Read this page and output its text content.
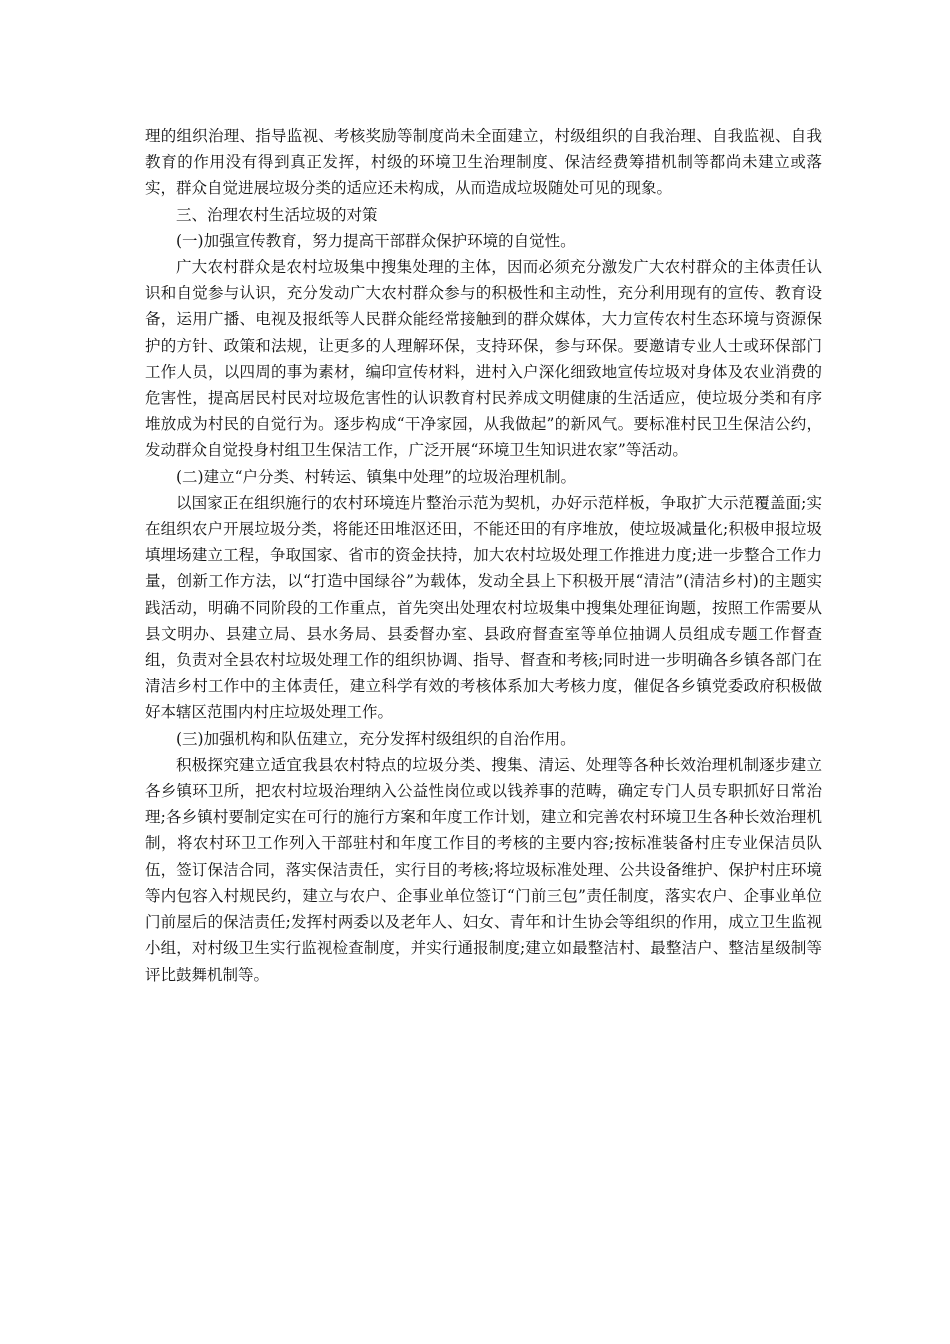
理的组织治理、指导监视、考核奖励等制度尚未全面建立，村级组织的自我治理、自我监视、自我教育的作用没有得到真正发挥，村级的环境卫生治理制度、保洁经费筹措机制等都尚未建立或落实，群众自觉进展垃圾分类的适应还未构成，从而造成垃圾随处可见的现象。

三、治理农村生活垃圾的对策

(一)加强宣传教育，努力提高干部群众保护环境的自觉性。

广大农村群众是农村垃圾集中搜集处理的主体，因而必须充分激发广大农村群众的主体责任认识和自觉参与认识，充分发动广大农村群众参与的积极性和主动性，充分利用现有的宣传、教育设备，运用广播、电视及报纸等人民群众能经常接触到的群众媒体，大力宣传农村生态环境与资源保护的方针、政策和法规，让更多的人理解环保，支持环保，参与环保。要邀请专业人士或环保部门工作人员，以四周的事为素材，编印宣传材料，进村入户深化细致地宣传垃圾对身体及农业消费的危害性，提高居民村民对垃圾危害性的认识教育村民养成文明健康的生活适应，使垃圾分类和有序堆放成为村民的自觉行为。逐步构成“干净家园，从我做起”的新风气。要标准村民卫生保洁公约，发动群众自觉投身村组卫生保洁工作，广泛开展“环境卫生知识进农家”等活动。

(二)建立“户分类、村转运、镇集中处理”的垃圾治理机制。

以国家正在组织施行的农村环境连片整治示范为契机，办好示范样板，争取扩大示范覆盖面;实在组织农户开展垃圾分类，将能还田堆沤还田，不能还田的有序堆放，使垃圾减量化;积极申报垃圾填埋场建立工程，争取国家、省市的资金扶持，加大农村垃圾处理工作推进力度;进一步整合工作力量，创新工作方法，以“打造中国绿谷”为载体，发动全县上下积极开展“清洁”(清洁乡村)的主题实践活动，明确不同阶段的工作重点，首先突出处理农村垃圾集中搜集处理征询题，按照工作需要从县文明办、县建立局、县水务局、县委督办室、县政府督查室等单位抽调人员组成专题工作督查组，负责对全县农村垃圾处理工作的组织协调、指导、督查和考核;同时进一步明确各乡镇各部门在清洁乡村工作中的主体责任，建立科学有效的考核体系加大考核力度，催促各乡镇党委政府积极做好本辖区范围内村庄垃圾处理工作。

(三)加强机构和队伍建立，充分发挥村级组织的自治作用。

积极探究建立适宜我县农村特点的垃圾分类、搜集、清运、处理等各种长效治理机制逐步建立各乡镇环卫所，把农村垃圾治理纳入公益性岗位或以钱养事的范畴，确定专门人员专职抓好日常治理;各乡镇村要制定实在可行的施行方案和年度工作计划，建立和完善农村环境卫生各种长效治理机制，将农村环卫工作列入干部驻村和年度工作目的考核的主要内容;按标准装备村庄专业保洁员队伍，签订保洁合同，落实保洁责任，实行目的考核;将垃圾标准处理、公共设备维护、保护村庄环境等内包容入村规民约，建立与农户、企事业单位签订“门前三包”责任制度，落实农户、企事业单位门前屋后的保洁责任;发挥村两委以及老年人、妇女、青年和计生协会等组织的作用，成立卫生监视小组，对村级卫生实行监视检查制度，并实行通报制度;建立如最整洁村、最整洁户、整洁星级制等评比鼓舞机制等。
